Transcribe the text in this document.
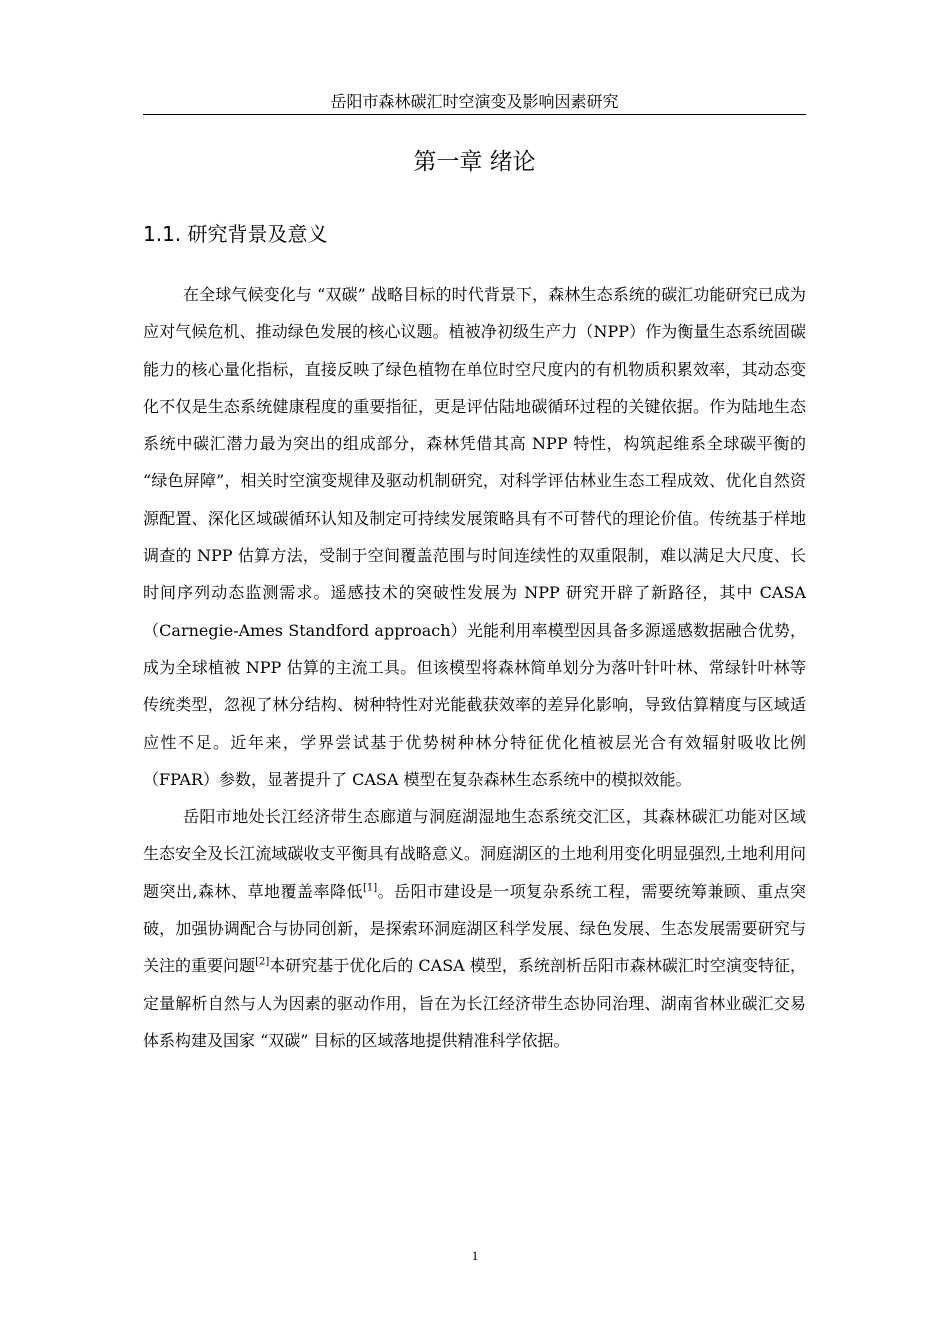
岳阳市森林碳汇时空演变及影响因素研究
第一章 绪论
1.1. 研究背景及意义

在全球气候变化与 “双碳” 战略目标的时代背景下，森林生态系统的碳汇功能研究已成为应对气候危机、推动绿色发展的核心议题。植被净初级生产力（NPP）作为衡量生态系统固碳能力的核心量化指标，直接反映了绿色植物在单位时空尺度内的有机物质积累效率，其动态变化不仅是生态系统健康程度的重要指征，更是评估陆地碳循环过程的关键依据。作为陆地生态系统中碳汇潜力最为突出的组成部分，森林凭借其高 NPP 特性，构筑起维系全球碳平衡的 “绿色屏障”，相关时空演变规律及驱动机制研究，对科学评估林业生态工程成效、优化自然资源配置、深化区域碳循环认知及制定可持续发展策略具有不可替代的理论价值。传统基于样地调查的 NPP 估算方法，受制于空间覆盖范围与时间连续性的双重限制，难以满足大尺度、长时间序列动态监测需求。遥感技术的突破性发展为 NPP 研究开辟了新路径，其中 CASA（Carnegie-Ames Standford approach）光能利用率模型因具备多源遥感数据融合优势，成为全球植被 NPP 估算的主流工具。但该模型将森林简单划分为落叶针叶林、常绿针叶林等传统类型，忽视了林分结构、树种特性对光能截获效率的差异化影响，导致估算精度与区域适应性不足。近年来，学界尝试基于优势树种林分特征优化植被层光合有效辐射吸收比例（FPAR）参数，显著提升了 CASA 模型在复杂森林生态系统中的模拟效能。

岳阳市地处长江经济带生态廊道与洞庭湖湿地生态系统交汇区，其森林碳汇功能对区域生态安全及长江流域碳收支平衡具有战略意义。洞庭湖区的土地利用变化明显强烈,土地利用问题突出,森林、草地覆盖率降低[1]。岳阳市建设是一项复杂系统工程，需要统筹兼顾、重点突破，加强协调配合与协同创新，是探索环洞庭湖区科学发展、绿色发展、生态发展需要研究与关注的重要问题[2]本研究基于优化后的 CASA 模型，系统剖析岳阳市森林碳汇时空演变特征，定量解析自然与人为因素的驱动作用，旨在为长江经济带生态协同治理、湖南省林业碳汇交易体系构建及国家 “双碳” 目标的区域落地提供精准科学依据。

1
